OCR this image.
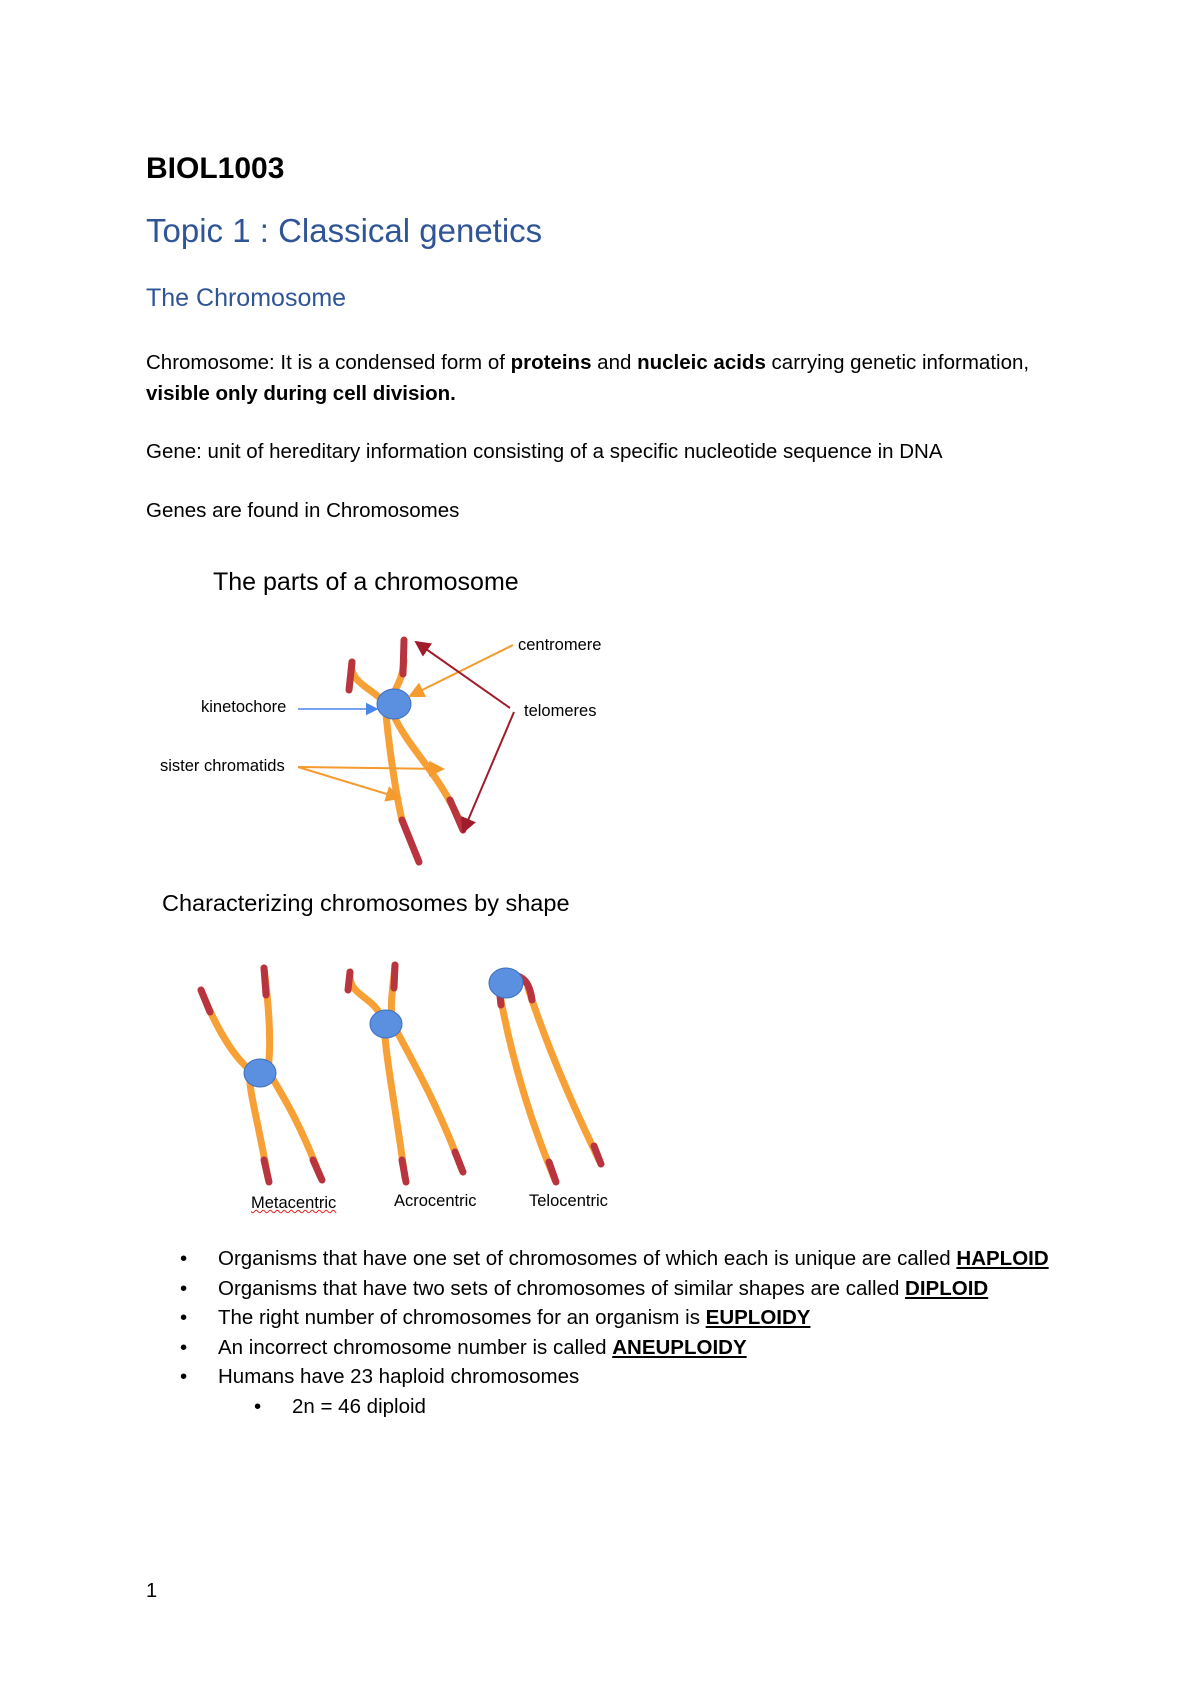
BIOL1003
Topic 1 : Classical genetics
The Chromosome
Chromosome: It is a condensed form of proteins and nucleic acids carrying genetic information, visible only during cell division.
Gene: unit of hereditary information consisting of a specific nucleotide sequence in DNA
Genes are found in Chromosomes
The parts of a chromosome
centromere
kinetochore	telomeres
sister chromatids
Characterizing chromosomes by shape
Metacentric	Acrocentric	Telocentric
• Organisms that have one set of chromosomes of which each is unique are called HAPLOID
• Organisms that have two sets of chromosomes of similar shapes are called DIPLOID
• The right number of chromosomes for an organism is EUPLOIDY
• An incorrect chromosome number is called ANEUPLOIDY
• Humans have 23 haploid chromosomes
• 2n = 46 diploid
1
